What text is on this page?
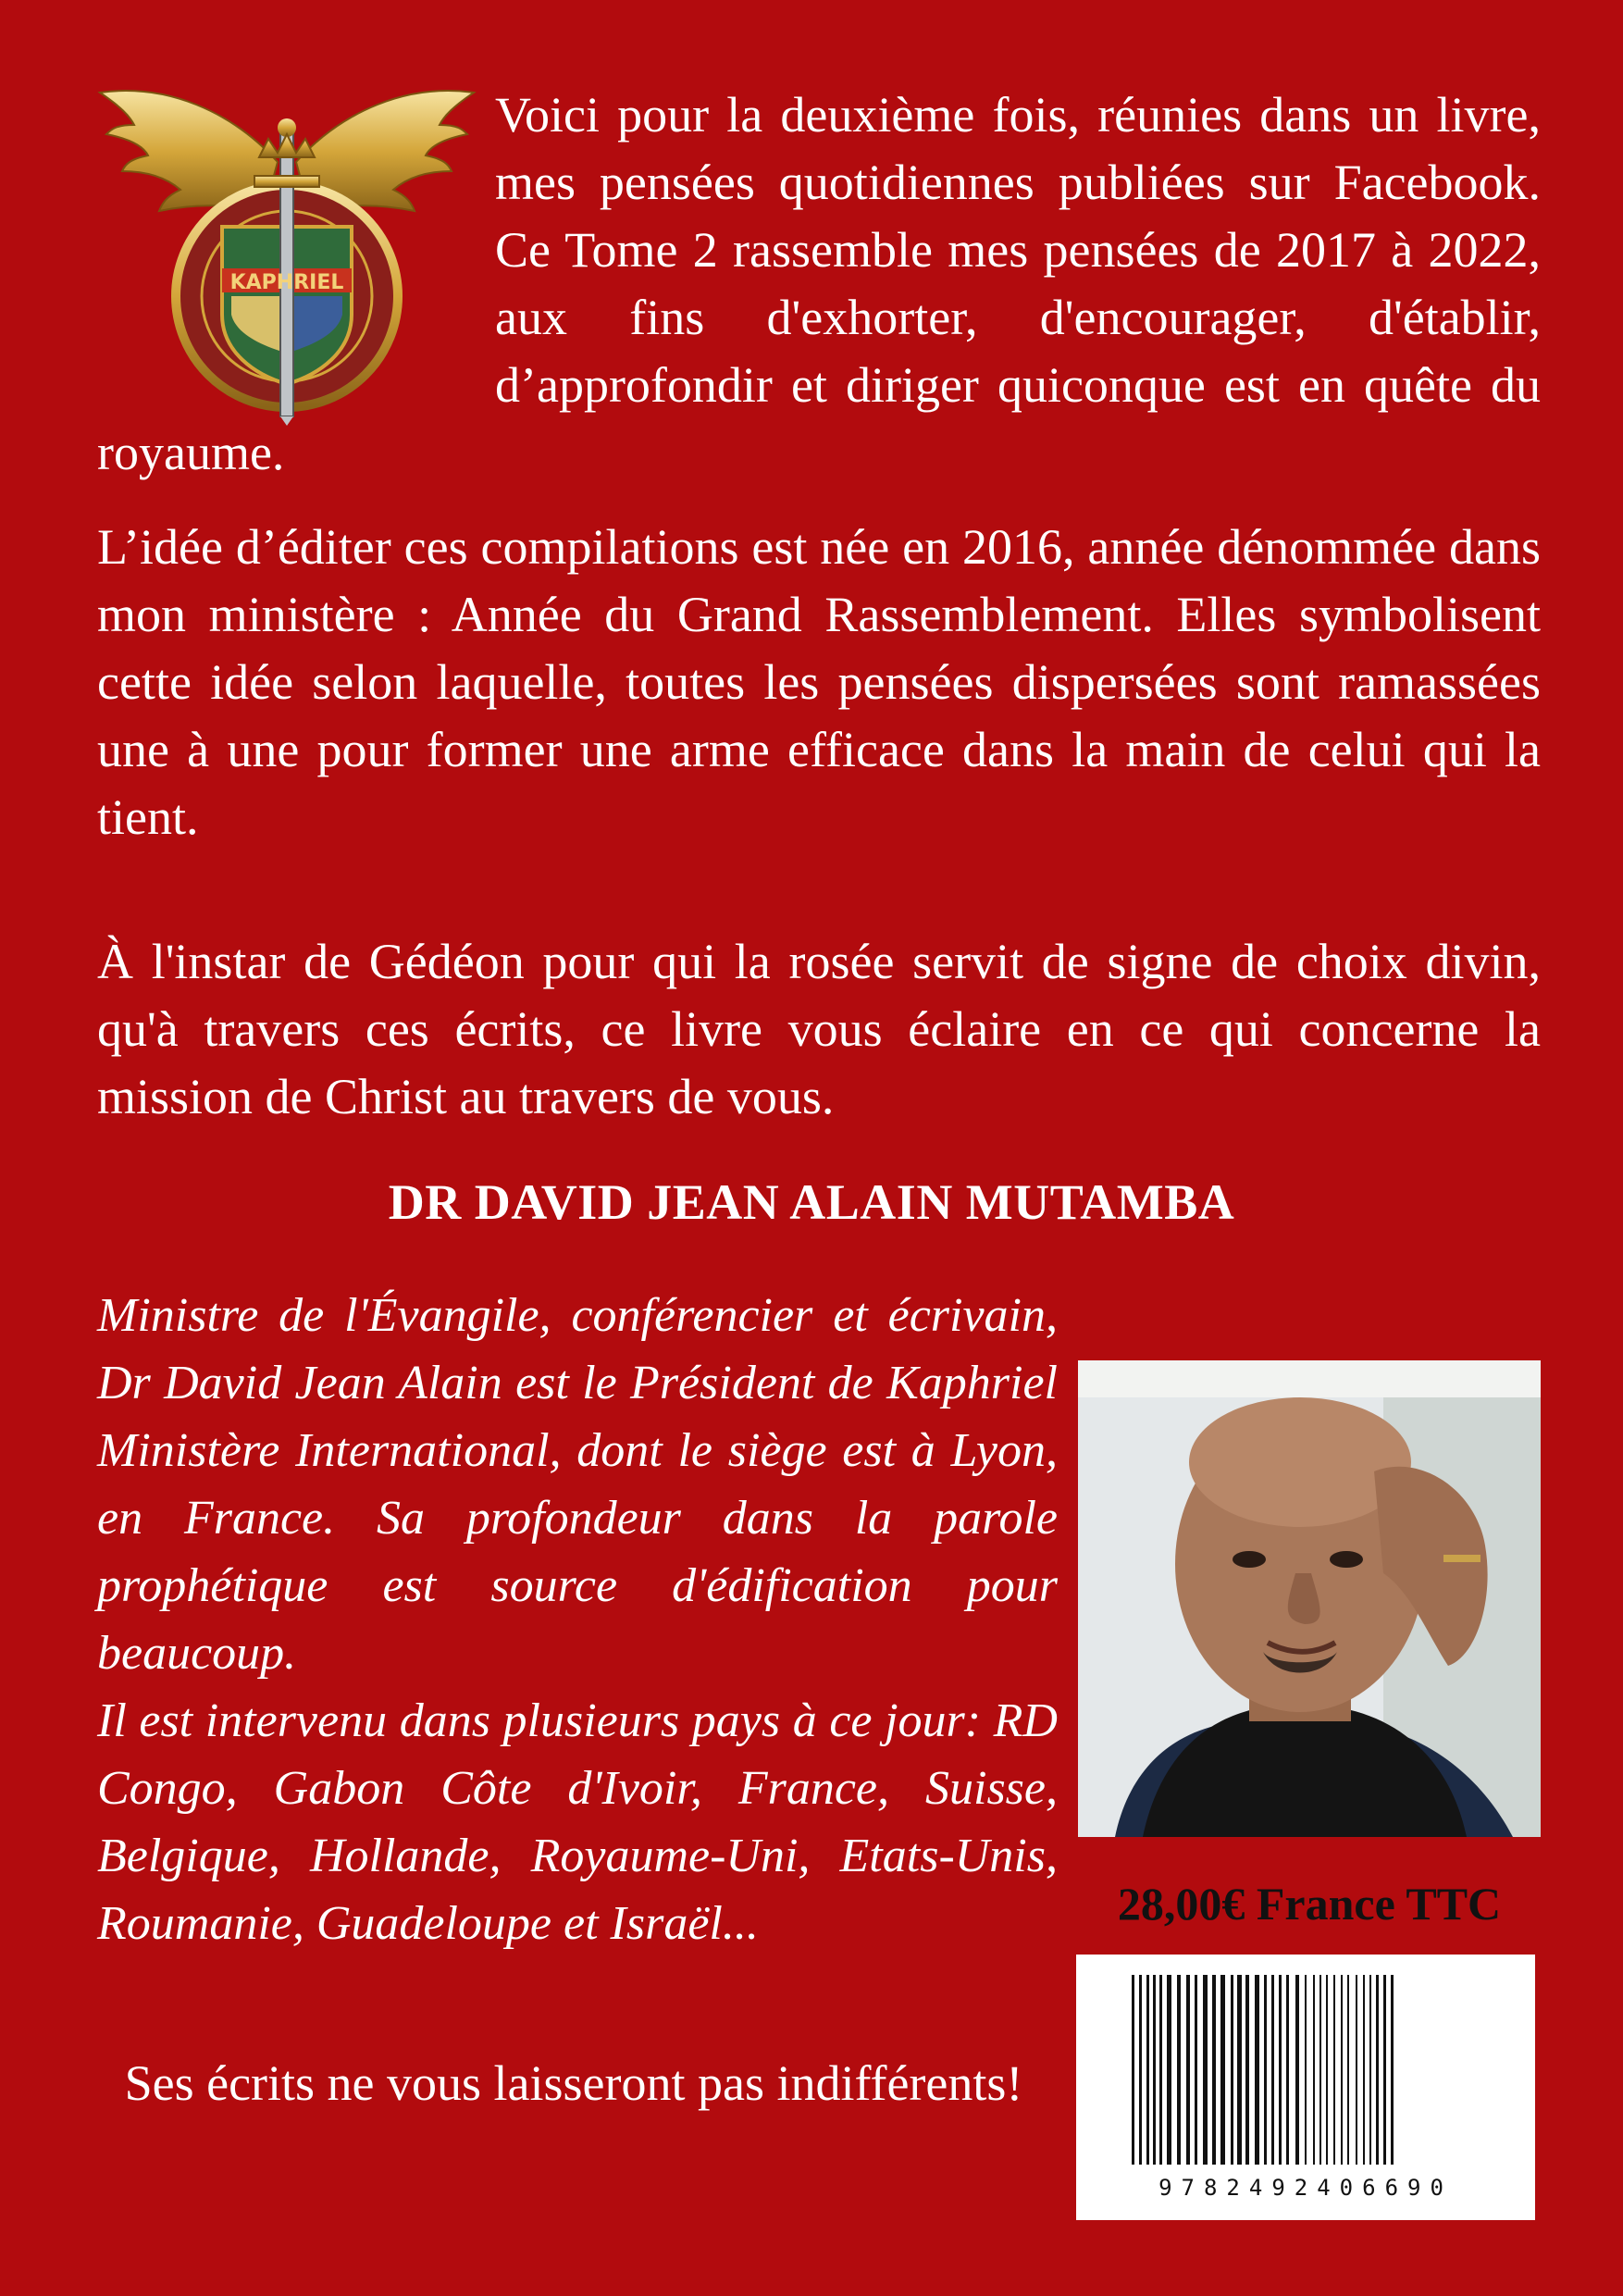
KAPHRIEL

Voici pour la deuxième fois, réunies dans un livre, mes pensées quotidiennes publiées sur Facebook. Ce Tome 2 rassemble mes pensées de 2017 à 2022, aux fins d'exhorter, d'encourager, d'établir, d’approfondir et diriger quiconque est en quête du royaume.

L’idée d’éditer ces compilations est née en 2016, année dénommée dans mon ministère : Année du Grand Rassemblement. Elles symbolisent cette idée selon laquelle, toutes les pensées dispersées sont ramassées une à une pour former une arme efficace dans la main de celui qui la tient.

À l'instar de Gédéon pour qui la rosée servit de signe de choix divin, qu'à travers ces écrits, ce livre vous éclaire en ce qui concerne la mission de Christ au travers de vous.

DR DAVID JEAN ALAIN MUTAMBA

Ministre de l'Évangile, conférencier et écrivain, Dr David Jean Alain est le Président de Kaphriel Ministère International, dont le siège est à Lyon, en France. Sa profondeur dans la parole prophétique est source d'édification pour beaucoup.

Il est intervenu dans plusieurs pays à ce jour: RD Congo, Gabon Côte d'Ivoir, France, Suisse, Belgique, Hollande, Royaume-Uni, Etats-Unis, Roumanie, Guadeloupe et Israël...

Ses écrits ne vous laisseront pas indifférents!
28,00€ France TTC
9782492406690
